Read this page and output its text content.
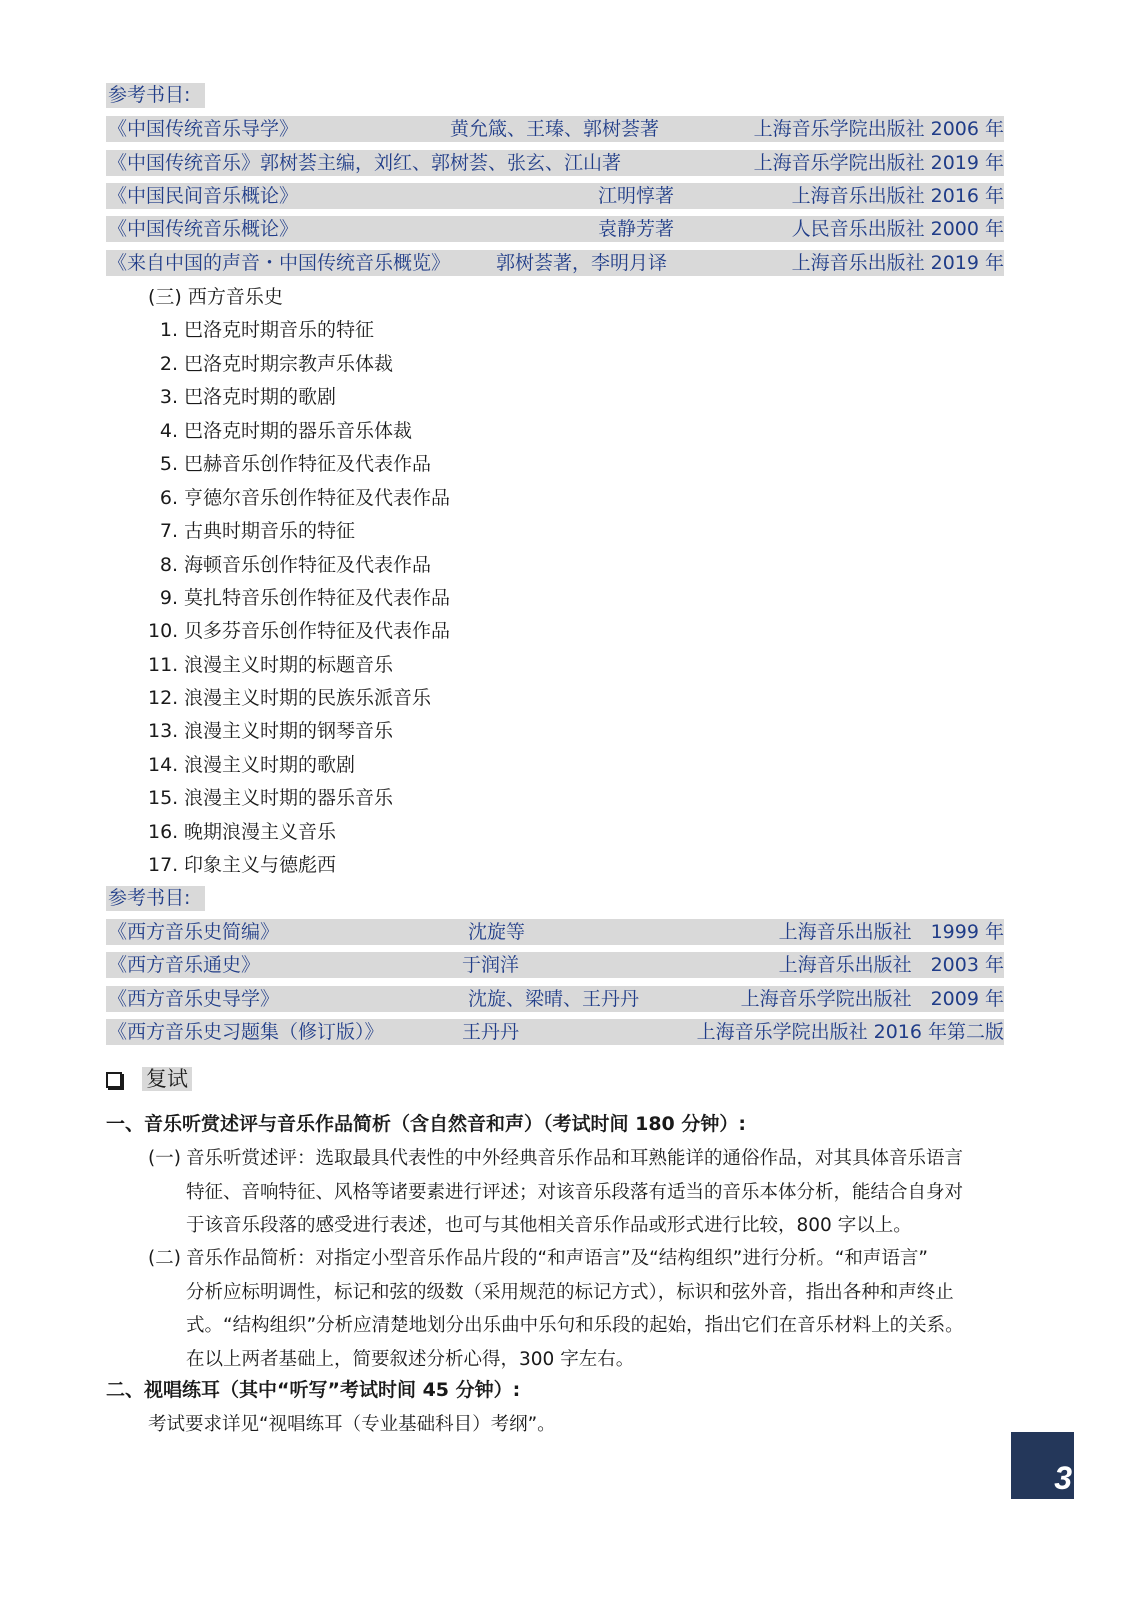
参考书目:
《中国传统音乐导学》	黄允箴、王瑧、郭树荟著	上海音乐学院出版社 2006 年
《中国传统音乐》郭树荟主编，刘红、郭树荟、张玄、江山著	上海音乐学院出版社 2019 年
《中国民间音乐概论》	江明惇著	上海音乐出版社 2016 年
《中国传统音乐概论》	袁静芳著	人民音乐出版社 2000 年
《来自中国的声音・中国传统音乐概览》 郭树荟著，李明月译	上海音乐出版社 2019 年
(三) 西方音乐史
1. 巴洛克时期音乐的特征
2. 巴洛克时期宗教声乐体裁
3. 巴洛克时期的歌剧
4. 巴洛克时期的器乐音乐体裁
5. 巴赫音乐创作特征及代表作品
6. 亨德尔音乐创作特征及代表作品
7. 古典时期音乐的特征
8. 海顿音乐创作特征及代表作品
9. 莫扎特音乐创作特征及代表作品
10. 贝多芬音乐创作特征及代表作品
11. 浪漫主义时期的标题音乐
12. 浪漫主义时期的民族乐派音乐
13. 浪漫主义时期的钢琴音乐
14. 浪漫主义时期的歌剧
15. 浪漫主义时期的器乐音乐
16. 晚期浪漫主义音乐
17. 印象主义与德彪西
参考书目:
《西方音乐史简编》	沈旋等	上海音乐出版社　1999 年
《西方音乐通史》	于润洋	上海音乐出版社　2003 年
《西方音乐史导学》	沈旋、梁晴、王丹丹	上海音乐学院出版社　2009 年
《西方音乐史习题集（修订版）》	王丹丹	上海音乐学院出版社 2016 年第二版
复试
一、音乐听赏述评与音乐作品简析（含自然音和声）（考试时间 180 分钟）:
(一) 音乐听赏述评：选取最具代表性的中外经典音乐作品和耳熟能详的通俗作品，对其具体音乐语言
特征、音响特征、风格等诸要素进行评述；对该音乐段落有适当的音乐本体分析，能结合自身对
于该音乐段落的感受进行表述，也可与其他相关音乐作品或形式进行比较，800 字以上。
(二) 音乐作品简析：对指定小型音乐作品片段的“和声语言”及“结构组织”进行分析。“和声语言”
分析应标明调性，标记和弦的级数（采用规范的标记方式），标识和弦外音，指出各种和声终止
式。“结构组织”分析应清楚地划分出乐曲中乐句和乐段的起始，指出它们在音乐材料上的关系。
在以上两者基础上，简要叙述分析心得，300 字左右。
二、视唱练耳（其中“听写”考试时间 45 分钟）:
考试要求详见“视唱练耳（专业基础科目）考纲”。
3
